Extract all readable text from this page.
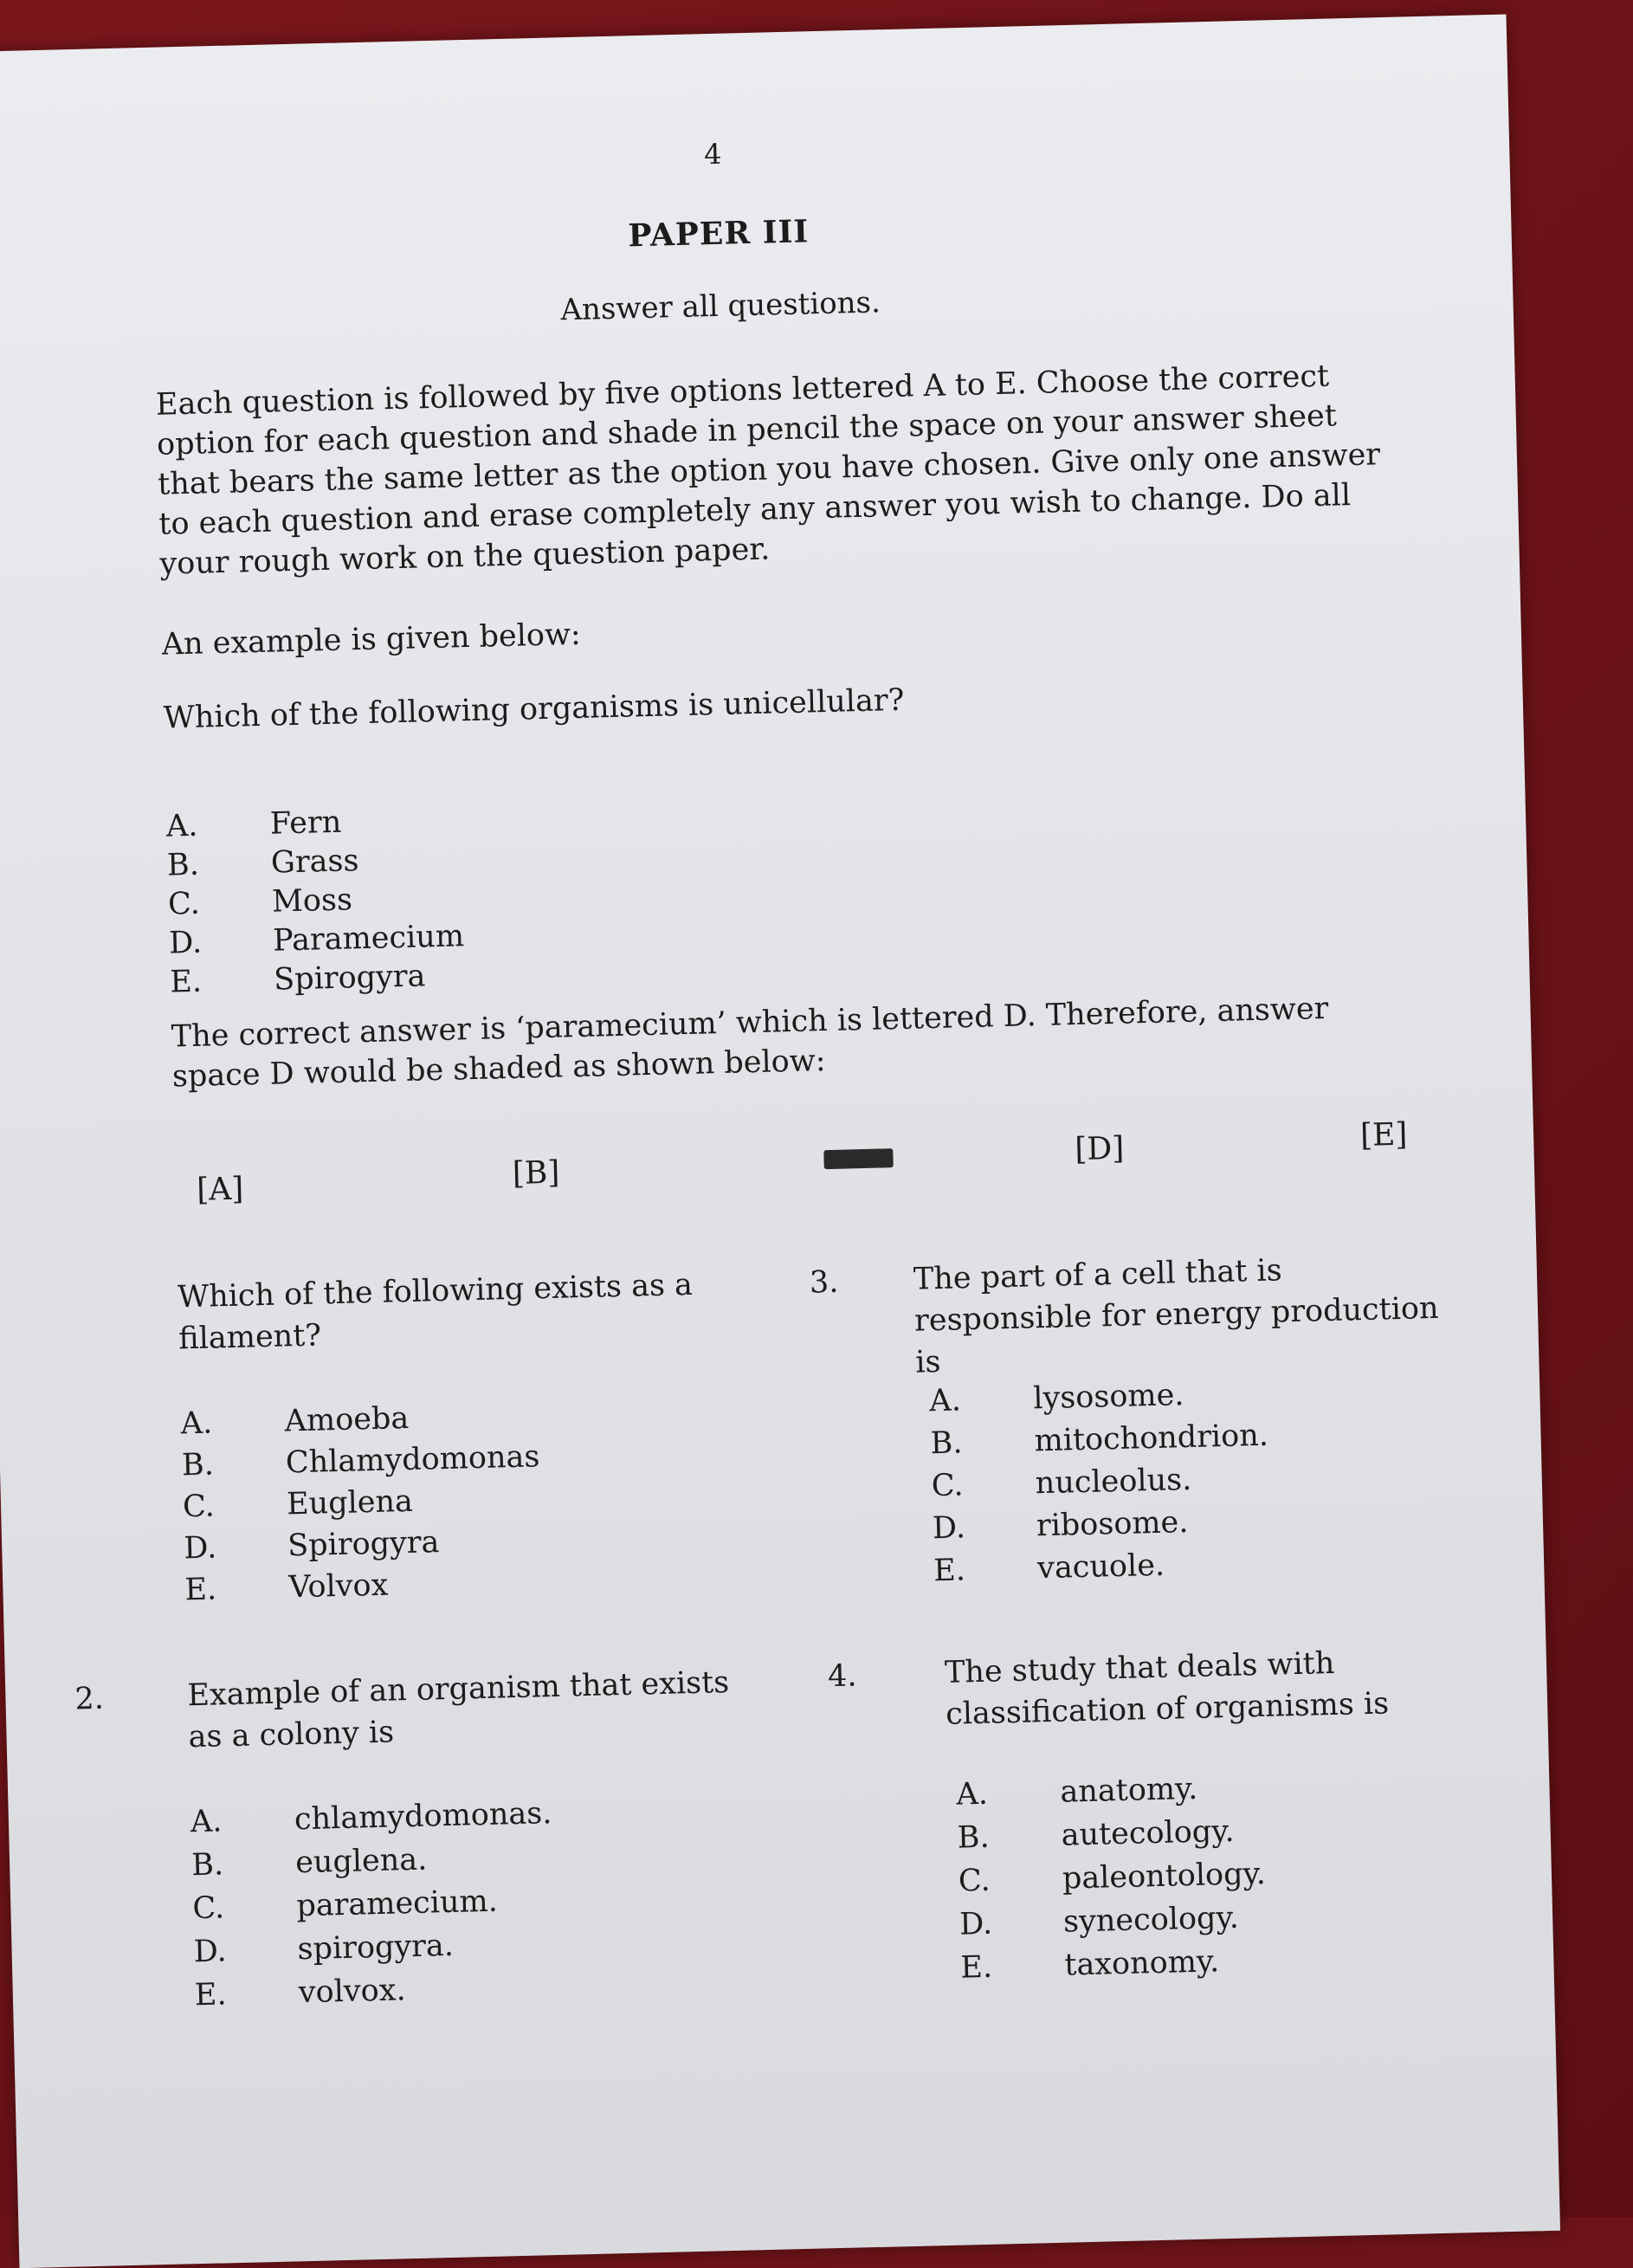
4
PAPER III
Answer all questions.
Each question is followed by five options lettered A to E. Choose the correct option for each question and shade in pencil the space on your answer sheet that bears the same letter as the option you have chosen. Give only one answer to each question and erase completely any answer you wish to change. Do all your rough work on the question paper.
An example is given below:
Which of the following organisms is unicellular?
A. Fern
B. Grass
C. Moss
D. Paramecium
E. Spirogyra
The correct answer is ‘paramecium’ which is lettered D. Therefore, answer space D would be shaded as shown below:
[A]	[B]
[D]	[E]
Which of the following exists as a filament?
A. Amoeba
B. Chlamydomonas
C. Euglena
D. Spirogyra
E. Volvox
2.	Example of an organism that exists as a colony is
A. chlamydomonas.
B. euglena.
C. paramecium.
D. spirogyra.
E. volvox.
3. The part of a cell that is responsible for energy production is
A. lysosome.
B. mitochondrion.
C. nucleolus.
D. ribosome.
E. vacuole.
4.	The study that deals with classification of organisms is
A. anatomy.
B. autecology.
C. paleontology.
D. synecology.
E. taxonomy.
